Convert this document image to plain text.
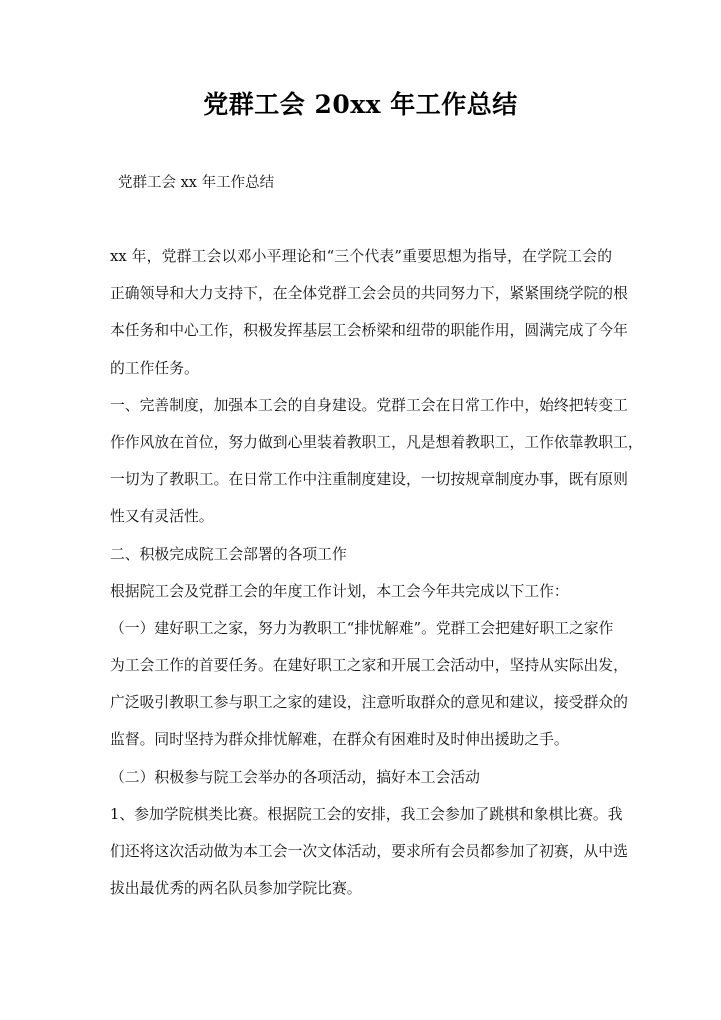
党群工会 20xx 年工作总结
党群工会 xx 年工作总结
xx 年，党群工会以邓小平理论和“三个代表”重要思想为指导，在学院工会的
正确领导和大力支持下，在全体党群工会会员的共同努力下，紧紧围绕学院的根
本任务和中心工作，积极发挥基层工会桥梁和纽带的职能作用，圆满完成了今年
的工作任务。
一、完善制度，加强本工会的自身建设。党群工会在日常工作中，始终把转变工
作作风放在首位，努力做到心里装着教职工，凡是想着教职工，工作依靠教职工，
一切为了教职工。在日常工作中注重制度建设，一切按规章制度办事，既有原则
性又有灵活性。
二、积极完成院工会部署的各项工作
根据院工会及党群工会的年度工作计划，本工会今年共完成以下工作：
（一）建好职工之家，努力为教职工“排忧解难”。党群工会把建好职工之家作
为工会工作的首要任务。在建好职工之家和开展工会活动中，坚持从实际出发，
广泛吸引教职工参与职工之家的建设，注意听取群众的意见和建议，接受群众的
监督。同时坚持为群众排忧解难，在群众有困难时及时伸出援助之手。
（二）积极参与院工会举办的各项活动，搞好本工会活动
1、参加学院棋类比赛。根据院工会的安排，我工会参加了跳棋和象棋比赛。我
们还将这次活动做为本工会一次文体活动，要求所有会员都参加了初赛，从中选
拔出最优秀的两名队员参加学院比赛。
